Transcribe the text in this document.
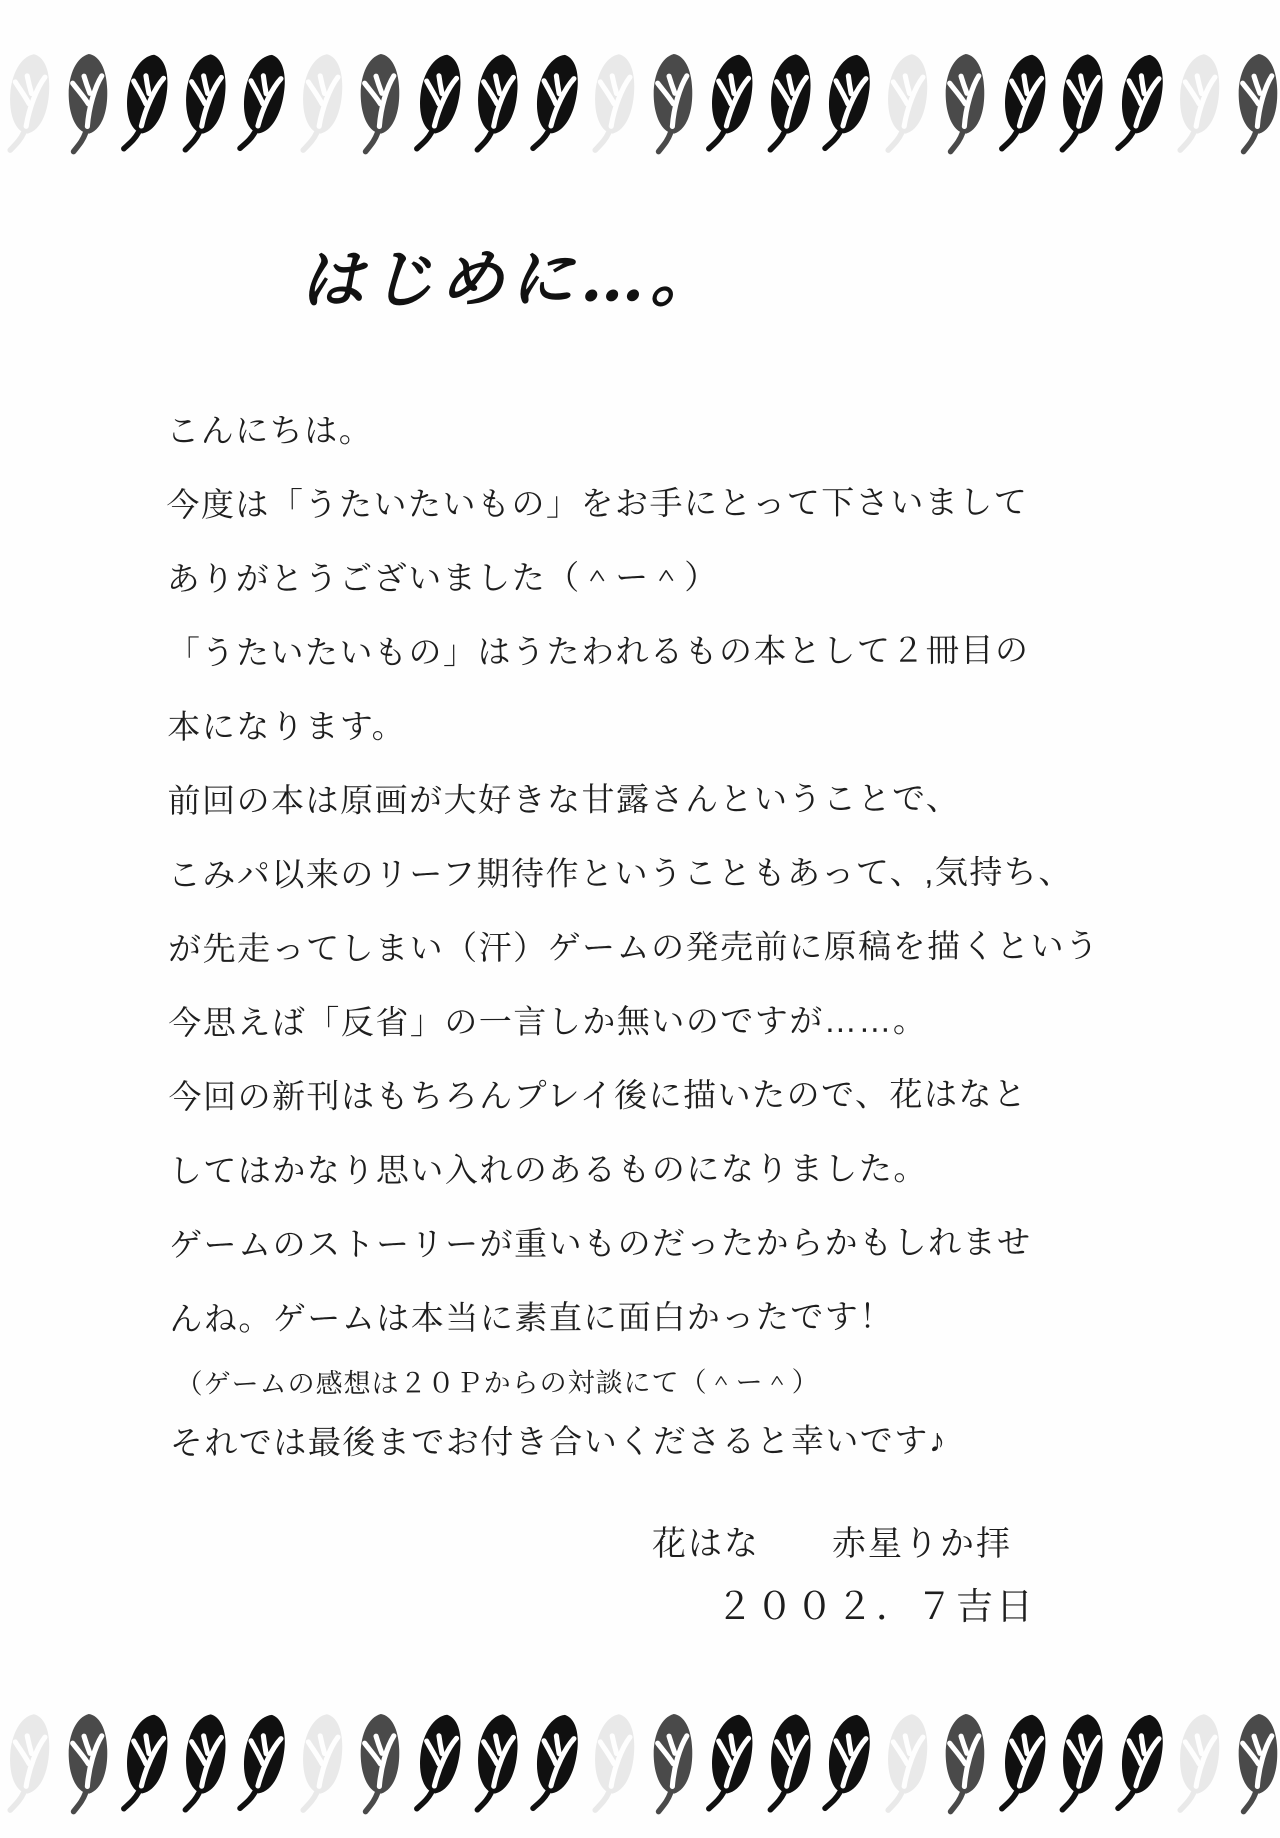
はじめに…。
こんにちは。
今度は「うたいたいもの」をお手にとって下さいまして
ありがとうございました（＾ー＾）
「うたいたいもの」はうたわれるもの本として２冊目の
本になります。
前回の本は原画が大好きな甘露さんということで、
こみパ以来のリーフ期待作ということもあって、,気持ち、
が先走ってしまい（汗）ゲームの発売前に原稿を描くという
今思えば「反省」の一言しか無いのですが……。
今回の新刊はもちろんプレイ後に描いたので、花はなと
してはかなり思い入れのあるものになりました。
ゲームのストーリーが重いものだったからかもしれませ
んね。ゲームは本当に素直に面白かったです！
（ゲームの感想は２０Ｐからの対談にて（＾ー＾）
それでは最後までお付き合いくださると幸いです♪
花はな　　赤星りか拝
２００２．７吉日
